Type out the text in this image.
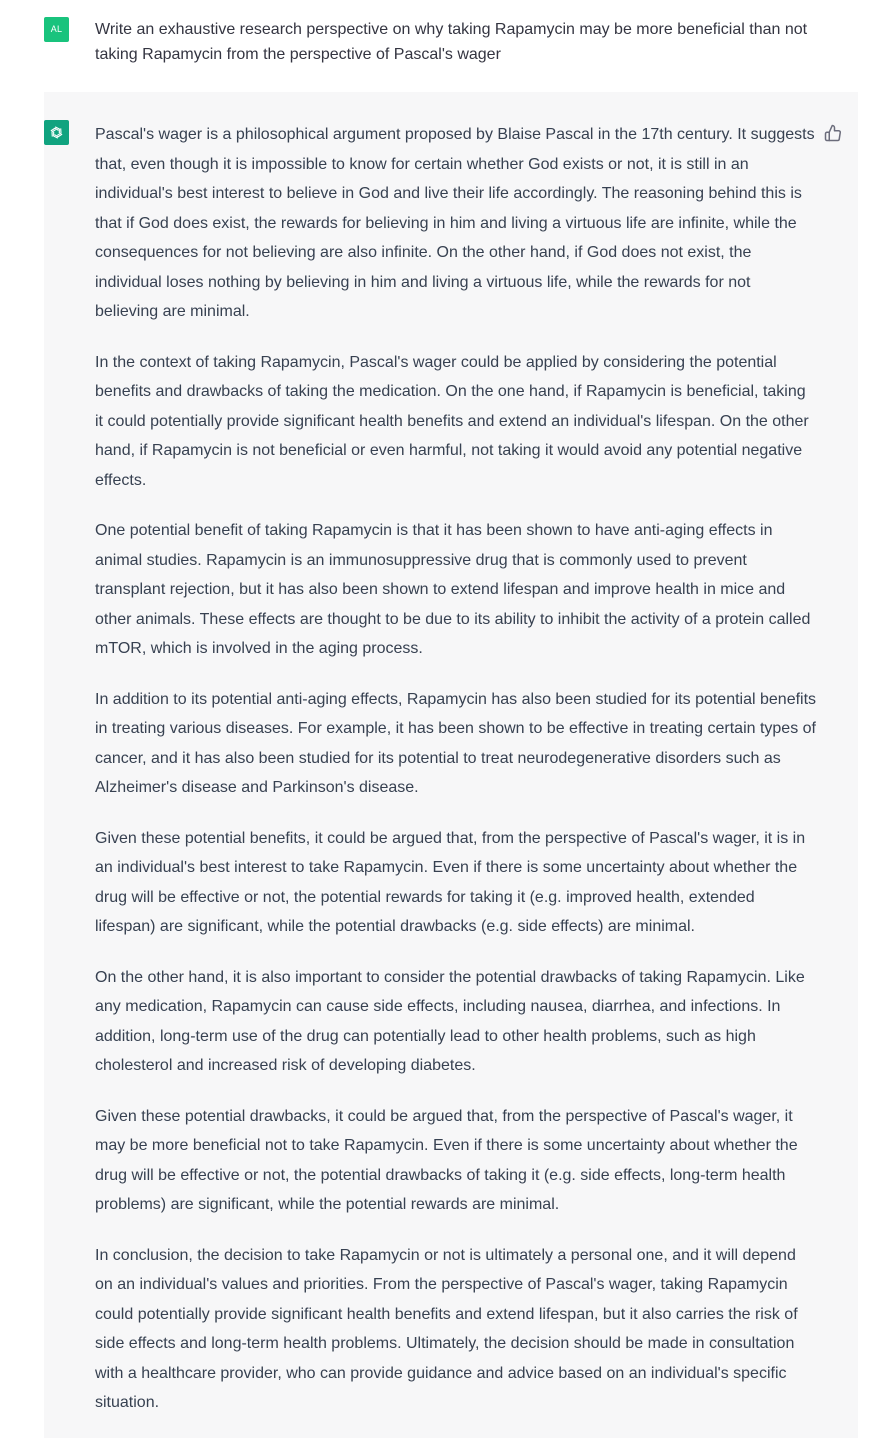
AL	Write an exhaustive research perspective on why taking Rapamycin may be more beneficial than not taking Rapamycin from the perspective of Pascal's wager

Pascal's wager is a philosophical argument proposed by Blaise Pascal in the 17th century. It suggests that, even though it is impossible to know for certain whether God exists or not, it is still in an individual's best interest to believe in God and live their life accordingly. The reasoning behind this is that if God does exist, the rewards for believing in him and living a virtuous life are infinite, while the consequences for not believing are also infinite. On the other hand, if God does not exist, the individual loses nothing by believing in him and living a virtuous life, while the rewards for not believing are minimal.

In the context of taking Rapamycin, Pascal's wager could be applied by considering the potential benefits and drawbacks of taking the medication. On the one hand, if Rapamycin is beneficial, taking it could potentially provide significant health benefits and extend an individual's lifespan. On the other hand, if Rapamycin is not beneficial or even harmful, not taking it would avoid any potential negative effects.

One potential benefit of taking Rapamycin is that it has been shown to have anti-aging effects in animal studies. Rapamycin is an immunosuppressive drug that is commonly used to prevent transplant rejection, but it has also been shown to extend lifespan and improve health in mice and other animals. These effects are thought to be due to its ability to inhibit the activity of a protein called mTOR, which is involved in the aging process.

In addition to its potential anti-aging effects, Rapamycin has also been studied for its potential benefits in treating various diseases. For example, it has been shown to be effective in treating certain types of cancer, and it has also been studied for its potential to treat neurodegenerative disorders such as Alzheimer's disease and Parkinson's disease.

Given these potential benefits, it could be argued that, from the perspective of Pascal's wager, it is in an individual's best interest to take Rapamycin. Even if there is some uncertainty about whether the drug will be effective or not, the potential rewards for taking it (e.g. improved health, extended lifespan) are significant, while the potential drawbacks (e.g. side effects) are minimal.

On the other hand, it is also important to consider the potential drawbacks of taking Rapamycin. Like any medication, Rapamycin can cause side effects, including nausea, diarrhea, and infections. In addition, long-term use of the drug can potentially lead to other health problems, such as high cholesterol and increased risk of developing diabetes.

Given these potential drawbacks, it could be argued that, from the perspective of Pascal's wager, it may be more beneficial not to take Rapamycin. Even if there is some uncertainty about whether the drug will be effective or not, the potential drawbacks of taking it (e.g. side effects, long-term health problems) are significant, while the potential rewards are minimal.

In conclusion, the decision to take Rapamycin or not is ultimately a personal one, and it will depend on an individual's values and priorities. From the perspective of Pascal's wager, taking Rapamycin could potentially provide significant health benefits and extend lifespan, but it also carries the risk of side effects and long-term health problems. Ultimately, the decision should be made in consultation with a healthcare provider, who can provide guidance and advice based on an individual's specific situation.
